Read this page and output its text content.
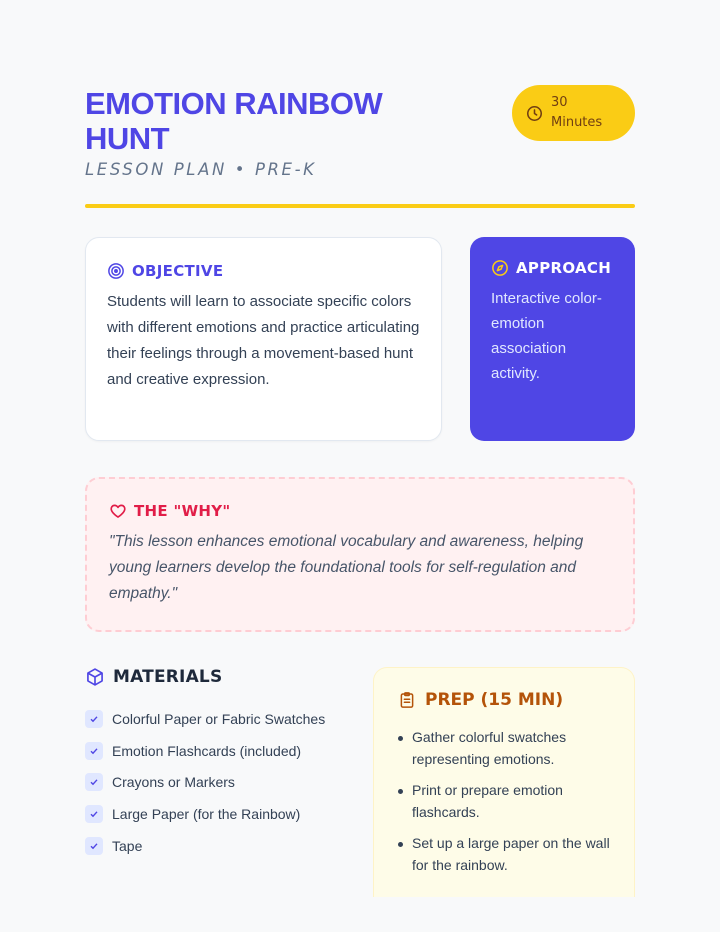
EMOTION RAINBOW HUNT
LESSON PLAN • PRE-K
30 Minutes
OBJECTIVE

Students will learn to associate specific colors with different emotions and practice articulating their feelings through a movement-based hunt and creative expression.

APPROACH

Interactive color-emotion association activity.

THE "WHY"

"This lesson enhances emotional vocabulary and awareness, helping young learners develop the foundational tools for self-regulation and empathy."

MATERIALS
Colorful Paper or Fabric Swatches
Emotion Flashcards (included)
Crayons or Markers
Large Paper (for the Rainbow)
Tape
PREP (15 MIN)
Gather colorful swatches representing emotions.
Print or prepare emotion flashcards.
Set up a large paper on the wall for the rainbow.
